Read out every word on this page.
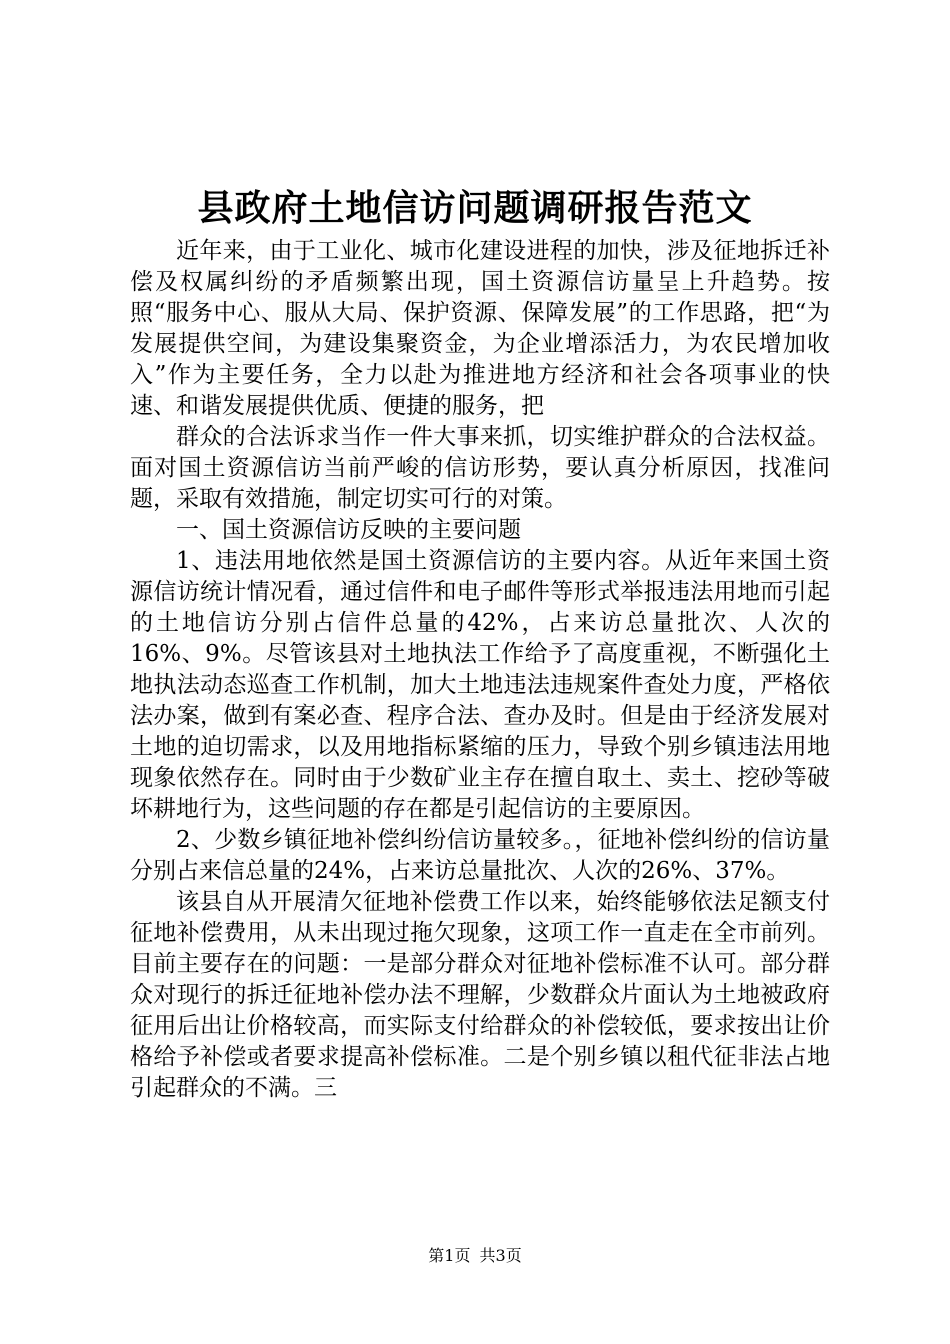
县政府土地信访问题调研报告范文

近年来，由于工业化、城市化建设进程的加快，涉及征地拆迁补偿及权属纠纷的矛盾频繁出现，国土资源信访量呈上升趋势。按照“服务中心、服从大局、保护资源、保障发展”的工作思路，把“为发展提供空间，为建设集聚资金，为企业增添活力，为农民增加收入”作为主要任务，全力以赴为推进地方经济和社会各项事业的快速、和谐发展提供优质、便捷的服务，把

群众的合法诉求当作一件大事来抓，切实维护群众的合法权益。面对国土资源信访当前严峻的信访形势，要认真分析原因，找准问题，采取有效措施，制定切实可行的对策。

一、国土资源信访反映的主要问题

1、违法用地依然是国土资源信访的主要内容。从近年来国土资源信访统计情况看，通过信件和电子邮件等形式举报违法用地而引起的土地信访分别占信件总量的42%，占来访总量批次、人次的16%、9%。尽管该县对土地执法工作给予了高度重视，不断强化土地执法动态巡查工作机制，加大土地违法违规案件查处力度，严格依法办案，做到有案必查、程序合法、查办及时。但是由于经济发展对土地的迫切需求，以及用地指标紧缩的压力，导致个别乡镇违法用地现象依然存在。同时由于少数矿业主存在擅自取土、卖土、挖砂等破坏耕地行为，这些问题的存在都是引起信访的主要原因。

2、少数乡镇征地补偿纠纷信访量较多。，征地补偿纠纷的信访量分别占来信总量的24%，占来访总量批次、人次的26%、37%。

该县自从开展清欠征地补偿费工作以来，始终能够依法足额支付征地补偿费用，从未出现过拖欠现象，这项工作一直走在全市前列。目前主要存在的问题：一是部分群众对征地补偿标准不认可。部分群众对现行的拆迁征地补偿办法不理解，少数群众片面认为土地被政府征用后出让价格较高，而实际支付给群众的补偿较低，要求按出让价格给予补偿或者要求提高补偿标准。二是个别乡镇以租代征非法占地引起群众的不满。三

第1页 共3页
